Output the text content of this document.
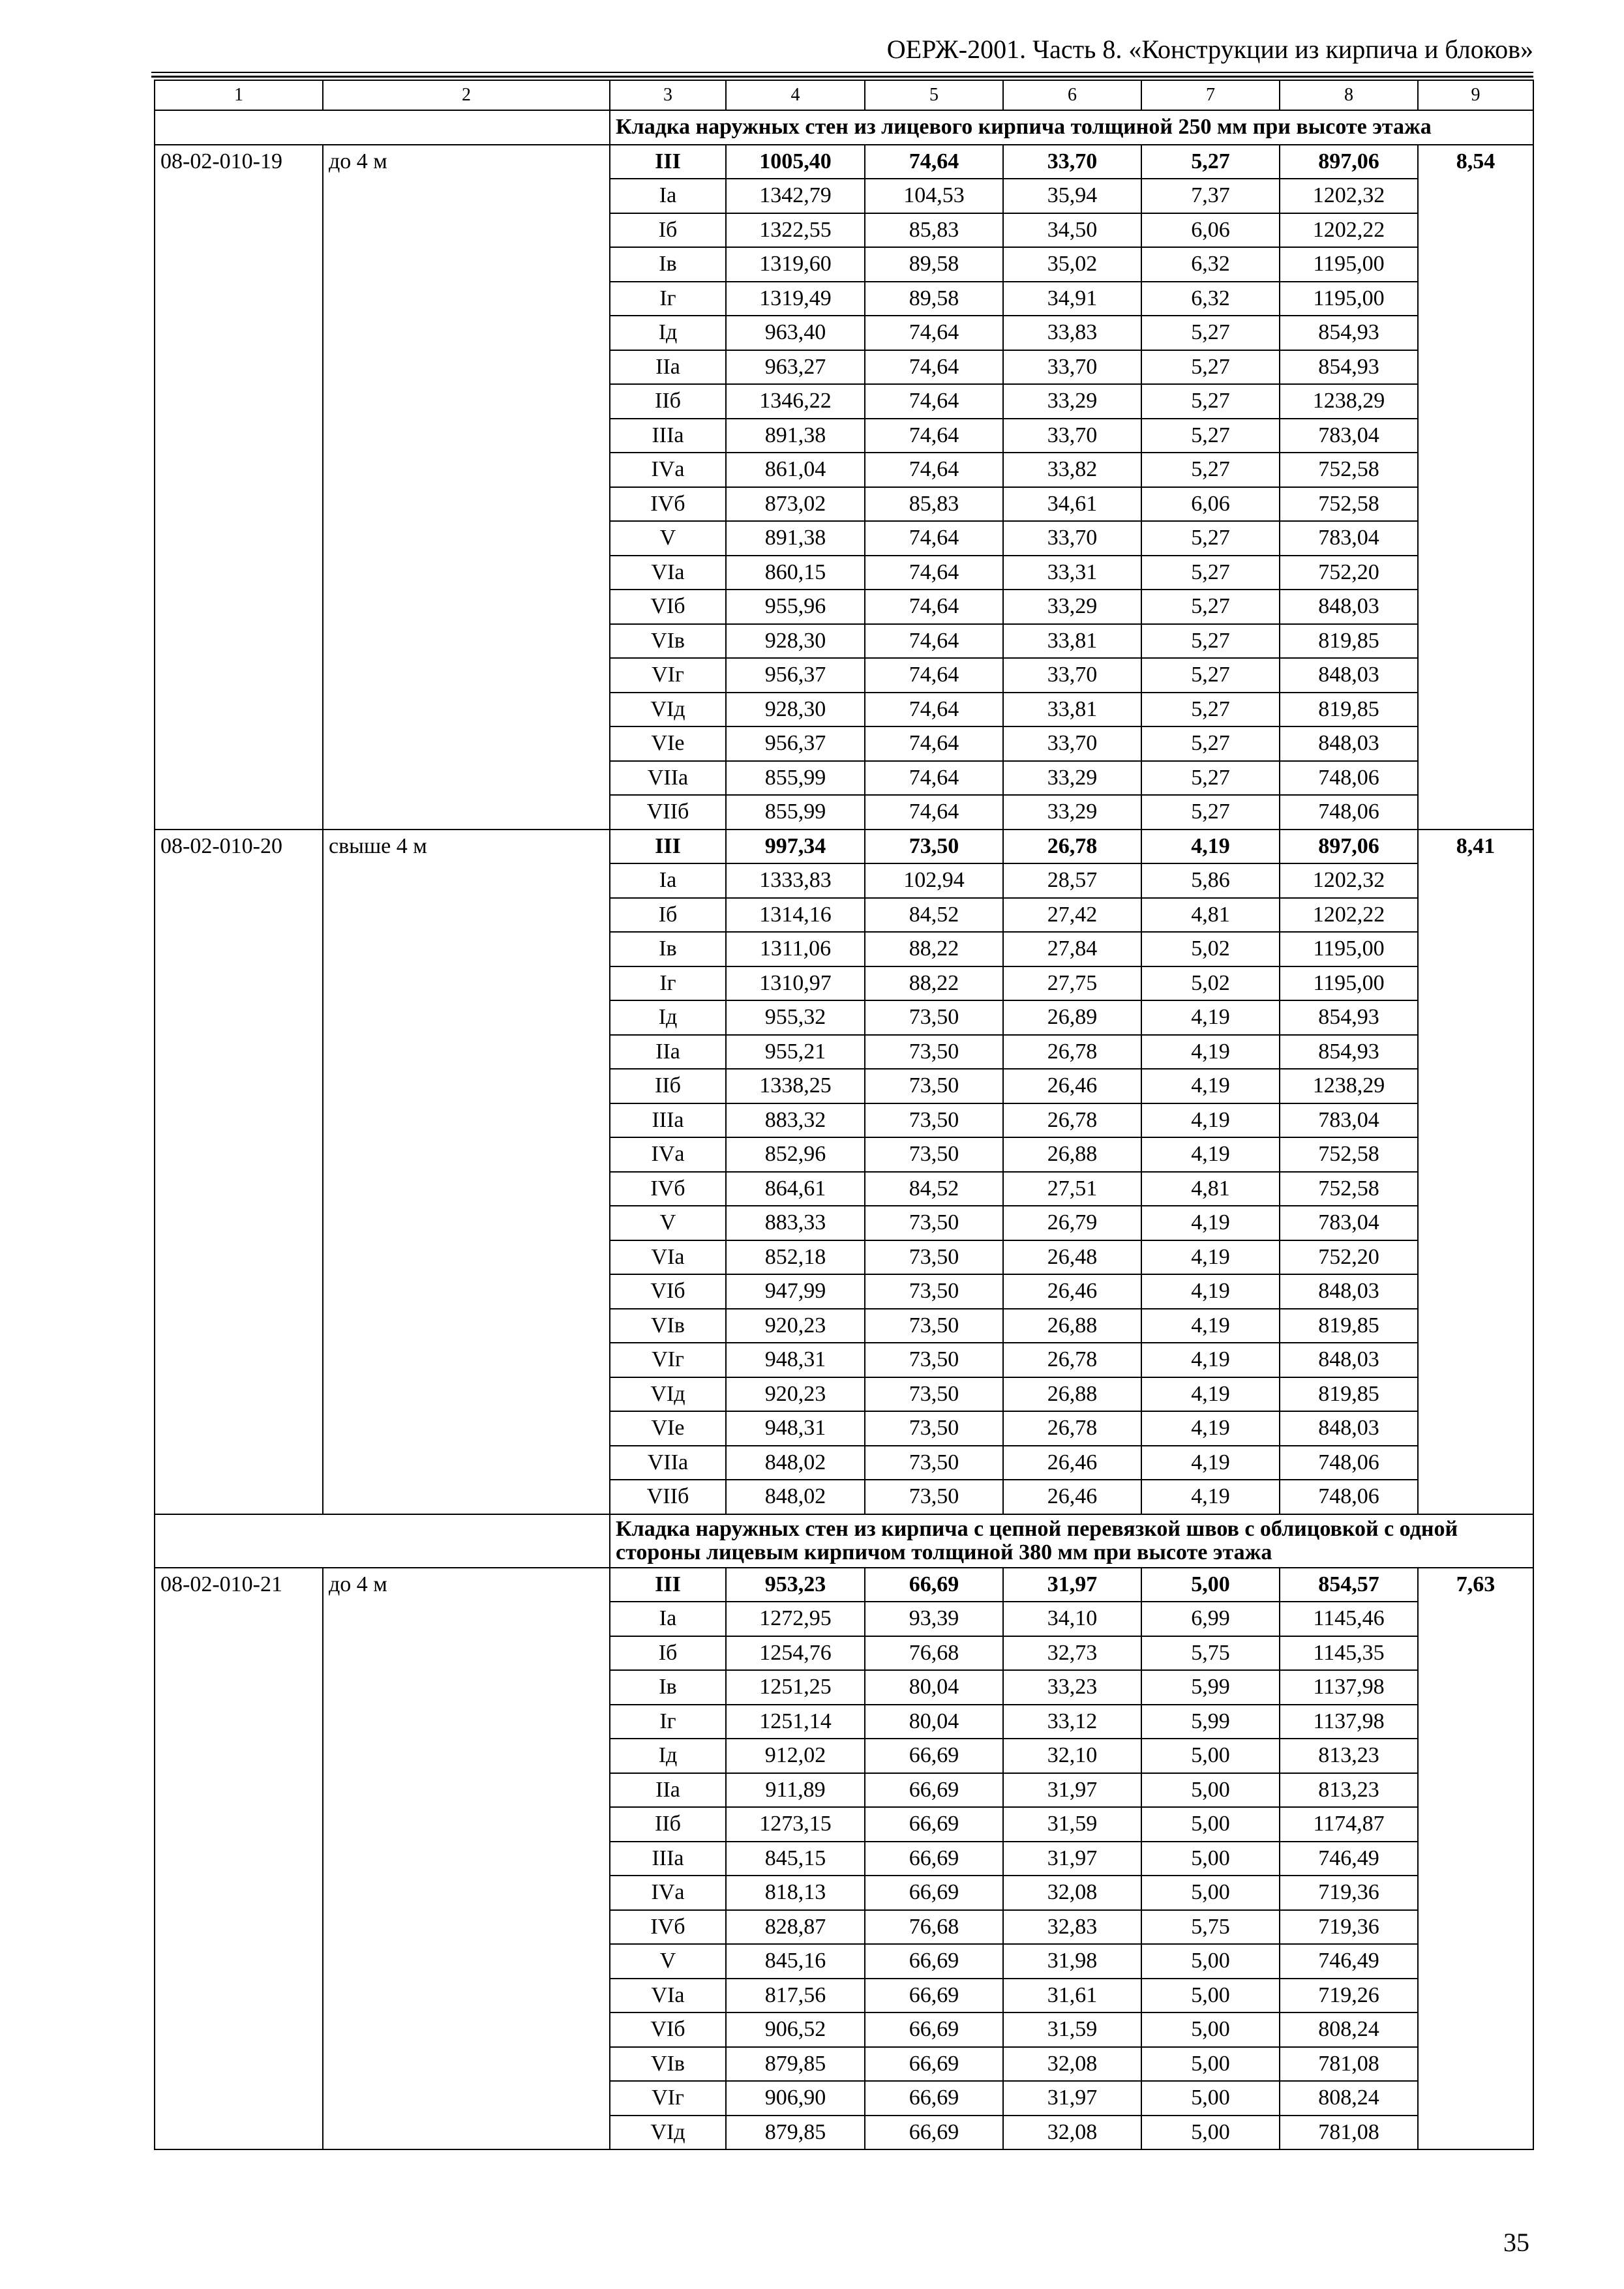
ОЕРЖ-2001. Часть 8. «Конструкции из кирпича и блоков»
1	2	3	4	5	6	7	8	9
		Кладка наружных стен из лицевого кирпича толщиной 250 мм при высоте этажа						
08-02-010-19	до 4 м	III	1005,40	74,64	33,70	5,27	897,06	8,54
		Iа	1342,79	104,53	35,94	7,37	1202,32	
		Iб	1322,55	85,83	34,50	6,06	1202,22	
		Iв	1319,60	89,58	35,02	6,32	1195,00	
		Iг	1319,49	89,58	34,91	6,32	1195,00	
		Iд	963,40	74,64	33,83	5,27	854,93	
		IIа	963,27	74,64	33,70	5,27	854,93	
		IIб	1346,22	74,64	33,29	5,27	1238,29	
		IIIа	891,38	74,64	33,70	5,27	783,04	
		IVа	861,04	74,64	33,82	5,27	752,58	
		IVб	873,02	85,83	34,61	6,06	752,58	
		V	891,38	74,64	33,70	5,27	783,04	
		VIа	860,15	74,64	33,31	5,27	752,20	
		VIб	955,96	74,64	33,29	5,27	848,03	
		VIв	928,30	74,64	33,81	5,27	819,85	
		VIг	956,37	74,64	33,70	5,27	848,03	
		VIд	928,30	74,64	33,81	5,27	819,85	
		VIе	956,37	74,64	33,70	5,27	848,03	
		VIIа	855,99	74,64	33,29	5,27	748,06	
		VIIб	855,99	74,64	33,29	5,27	748,06	
08-02-010-20	свыше 4 м	III	997,34	73,50	26,78	4,19	897,06	8,41
		Iа	1333,83	102,94	28,57	5,86	1202,32	
		Iб	1314,16	84,52	27,42	4,81	1202,22	
		Iв	1311,06	88,22	27,84	5,02	1195,00	
		Iг	1310,97	88,22	27,75	5,02	1195,00	
		Iд	955,32	73,50	26,89	4,19	854,93	
		IIа	955,21	73,50	26,78	4,19	854,93	
		IIб	1338,25	73,50	26,46	4,19	1238,29	
		IIIа	883,32	73,50	26,78	4,19	783,04	
		IVа	852,96	73,50	26,88	4,19	752,58	
		IVб	864,61	84,52	27,51	4,81	752,58	
		V	883,33	73,50	26,79	4,19	783,04	
		VIа	852,18	73,50	26,48	4,19	752,20	
		VIб	947,99	73,50	26,46	4,19	848,03	
		VIв	920,23	73,50	26,88	4,19	819,85	
		VIг	948,31	73,50	26,78	4,19	848,03	
		VIд	920,23	73,50	26,88	4,19	819,85	
		VIе	948,31	73,50	26,78	4,19	848,03	
		VIIа	848,02	73,50	26,46	4,19	748,06	
		VIIб	848,02	73,50	26,46	4,19	748,06	
		Кладка наружных стен из кирпича с цепной перевязкой швов с облицовкой с одной стороны лицевым кирпичом толщиной 380 мм при высоте этажа						
08-02-010-21	до 4 м	III	953,23	66,69	31,97	5,00	854,57	7,63
		Iа	1272,95	93,39	34,10	6,99	1145,46	
		Iб	1254,76	76,68	32,73	5,75	1145,35	
		Iв	1251,25	80,04	33,23	5,99	1137,98	
		Iг	1251,14	80,04	33,12	5,99	1137,98	
		Iд	912,02	66,69	32,10	5,00	813,23	
		IIа	911,89	66,69	31,97	5,00	813,23	
		IIб	1273,15	66,69	31,59	5,00	1174,87	
		IIIа	845,15	66,69	31,97	5,00	746,49	
		IVа	818,13	66,69	32,08	5,00	719,36	
		IVб	828,87	76,68	32,83	5,75	719,36	
		V	845,16	66,69	31,98	5,00	746,49	
		VIа	817,56	66,69	31,61	5,00	719,26	
		VIб	906,52	66,69	31,59	5,00	808,24	
		VIв	879,85	66,69	32,08	5,00	781,08	
		VIг	906,90	66,69	31,97	5,00	808,24	
		VIд	879,85	66,69	32,08	5,00	781,08	
35
